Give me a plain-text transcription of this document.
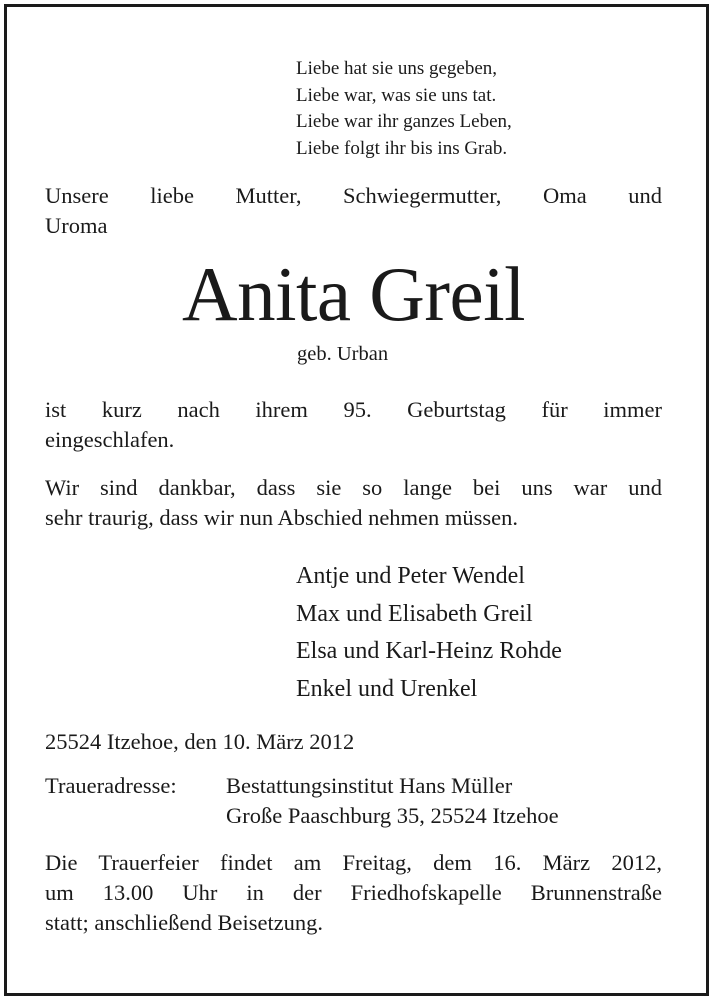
Liebe hat sie uns gegeben,
Liebe war, was sie uns tat.
Liebe war ihr ganzes Leben,
Liebe folgt ihr bis ins Grab.
Unsere liebe Mutter, Schwiegermutter, Oma und
Uroma
Anita Greil
geb. Urban
ist kurz nach ihrem 95. Geburtstag für immer
eingeschlafen.
Wir sind dankbar, dass sie so lange bei uns war und
sehr traurig, dass wir nun Abschied nehmen müssen.
Antje und Peter Wendel
Max und Elisabeth Greil
Elsa und Karl-Heinz Rohde
Enkel und Urenkel
25524 Itzehoe, den 10. März 2012
Traueradresse: Bestattungsinstitut Hans Müller
Große Paaschburg 35, 25524 Itzehoe
Die Trauerfeier findet am Freitag, dem 16. März 2012,
um 13.00 Uhr in der Friedhofskapelle Brunnenstraße
statt; anschließend Beisetzung.
